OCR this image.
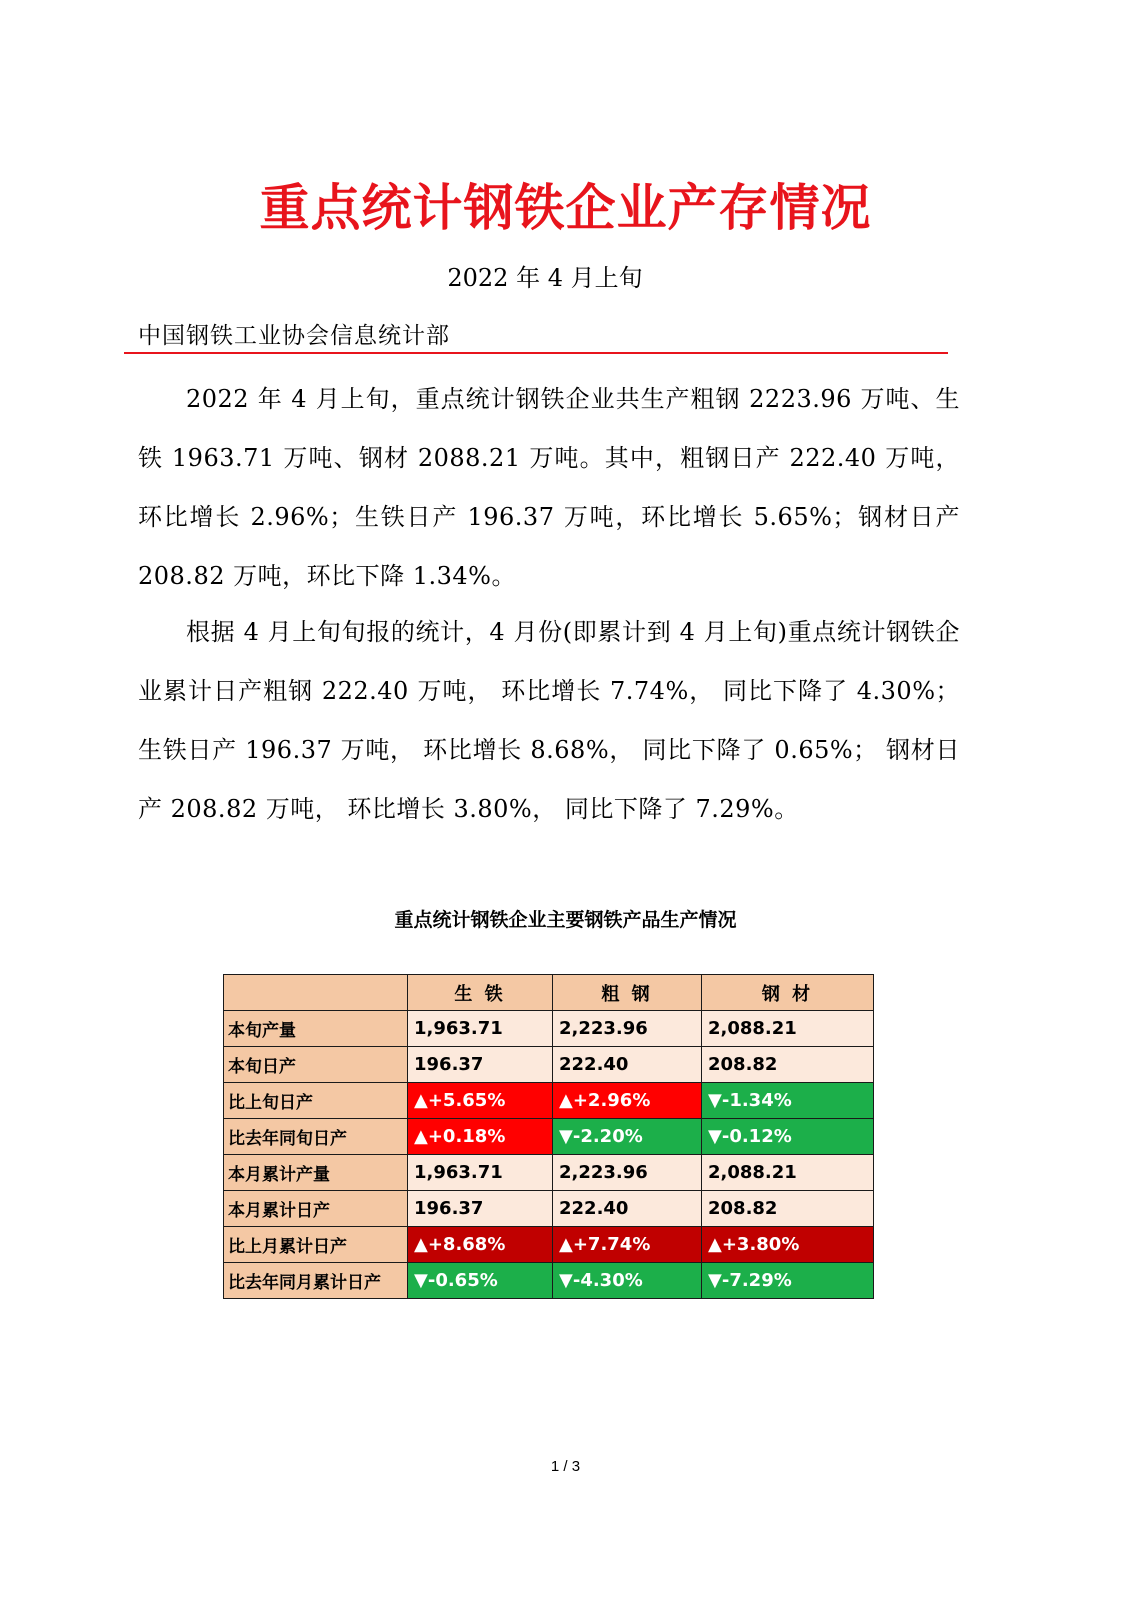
重点统计钢铁企业产存情况
2022 年 4 月上旬
中国钢铁工业协会信息统计部

2022 年 4 月上旬，重点统计钢铁企业共生产粗钢 2223.96 万吨、生铁 1963.71 万吨、钢材 2088.21 万吨。其中，粗钢日产 222.40 万吨，环比增长 2.96%；生铁日产 196.37 万吨，环比增长 5.65%；钢材日产 208.82 万吨，环比下降 1.34%。

根据 4 月上旬旬报的统计，4 月份(即累计到 4 月上旬)重点统计钢铁企业累计日产粗钢 222.40 万吨， 环比增长 7.74%， 同比下降了 4.30%； 生铁日产 196.37 万吨， 环比增长 8.68%， 同比下降了 0.65%； 钢材日产 208.82 万吨， 环比增长 3.80%， 同比下降了 7.29%。

重点统计钢铁企业主要钢铁产品生产情况
	生 铁	粗 钢	钢 材
本旬产量	1,963.71	2,223.96	2,088.21
本旬日产	196.37	222.40	208.82
比上旬日产	▲+5.65%	▲+2.96%	▼-1.34%
比去年同旬日产	▲+0.18%	▼-2.20%	▼-0.12%
本月累计产量	1,963.71	2,223.96	2,088.21
本月累计日产	196.37	222.40	208.82
比上月累计日产	▲+8.68%	▲+7.74%	▲+3.80%
比去年同月累计日产	▼-0.65%	▼-4.30%	▼-7.29%
1 / 3
